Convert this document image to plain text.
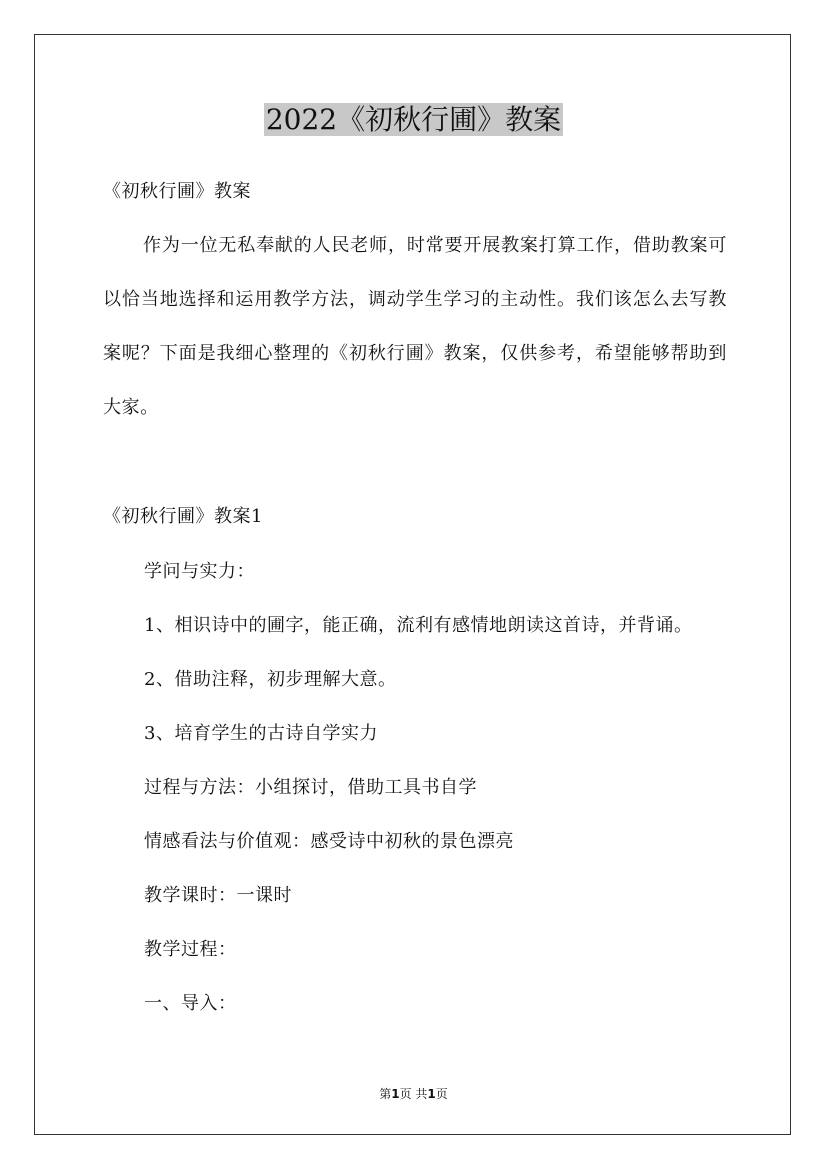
2022《初秋行圃》教案
《初秋行圃》教案

作为一位无私奉献的人民老师，时常要开展教案打算工作，借助教案可以恰当地选择和运用教学方法，调动学生学习的主动性。我们该怎么去写教案呢？下面是我细心整理的《初秋行圃》教案，仅供参考，希望能够帮助到大家。

《初秋行圃》教案1
学问与实力：
1、相识诗中的圃字，能正确，流利有感情地朗读这首诗，并背诵。
2、借助注释，初步理解大意。
3、培育学生的古诗自学实力
过程与方法：小组探讨，借助工具书自学
情感看法与价值观：感受诗中初秋的景色漂亮
教学课时：一课时
教学过程：
一、导入：
第1页 共1页
